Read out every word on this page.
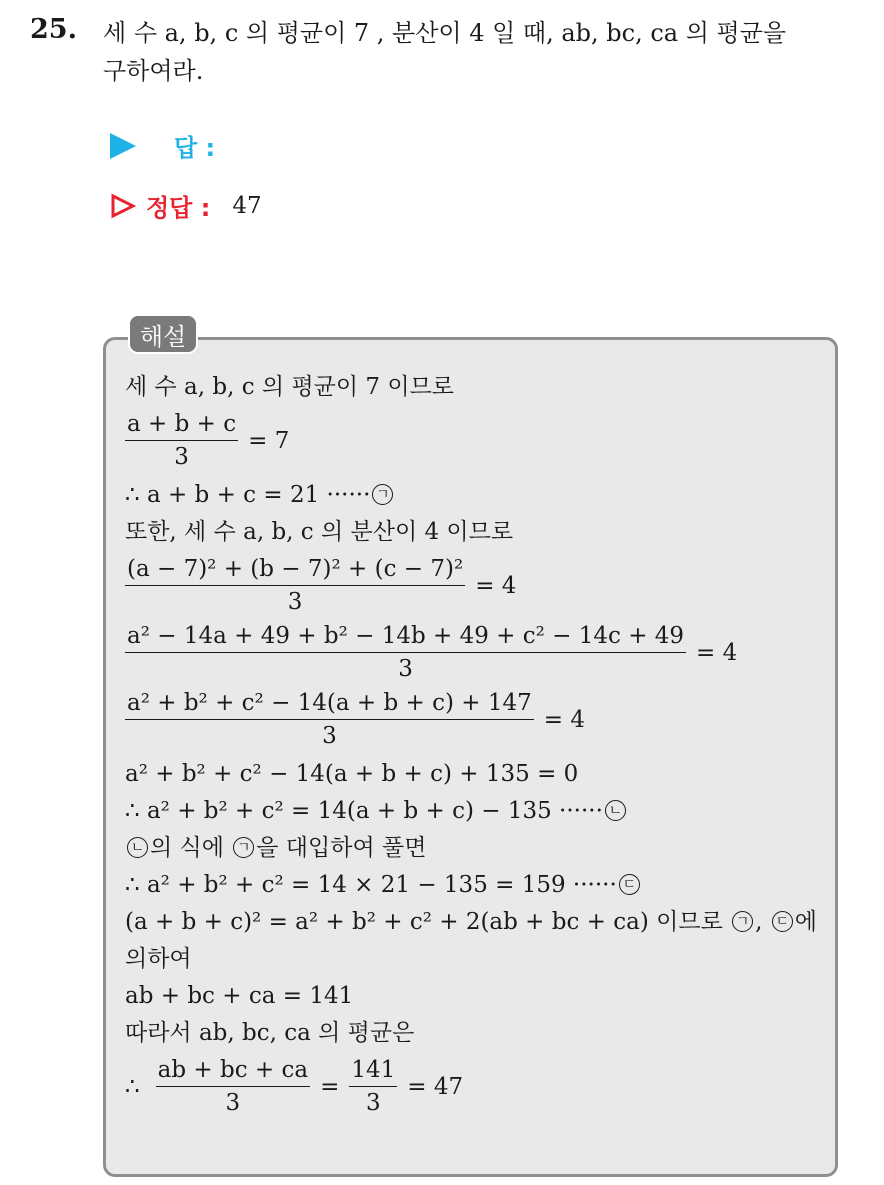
25. 세 수 a, b, c 의 평균이 7 , 분산이 4 일 때, ab, bc, ca 의 평균을
구하여라.
답 :
정답 : 47
해설
세 수 a, b, c 의 평균이 7 이므로
$\frac{a + b + c}{3} = 7$
∴ a + b + c = 21 ······ ㄱ
또한, 세 수 a, b, c 의 분산이 4 이므로
$\frac{\text{(a − 7)² + (b − 7)² + (c − 7)²}}{3} = 4$
$\frac{\text{a² − 14a + 49 + b² − 14b + 49 + c² − 14c + 49}}{3} = 4$
$\frac{\text{a² + b² + c² − 14(a + b + c) + 147}}{3} = 4$
a² + b² + c² − 14(a + b + c) + 135 = 0
∴ a² + b² + c² = 14(a + b + c) − 135 ······ ㄴ
ㄴ 의 식에
ㄱ 을 대입하여 풀면
∴ a² + b² + c² = 14 × 21 − 135 = 159 ······ ㄷ
(a + b + c)² = a² + b² + c² + 2(ab + bc + ca) 이므로
ㄱ ,
ㄷ 에
의하여
ab + bc + ca = 141
따라서 ab, bc, ca 의 평균은
∴ $\frac{ab + bc + ca}{3} = \frac{141}{3} = 47$
